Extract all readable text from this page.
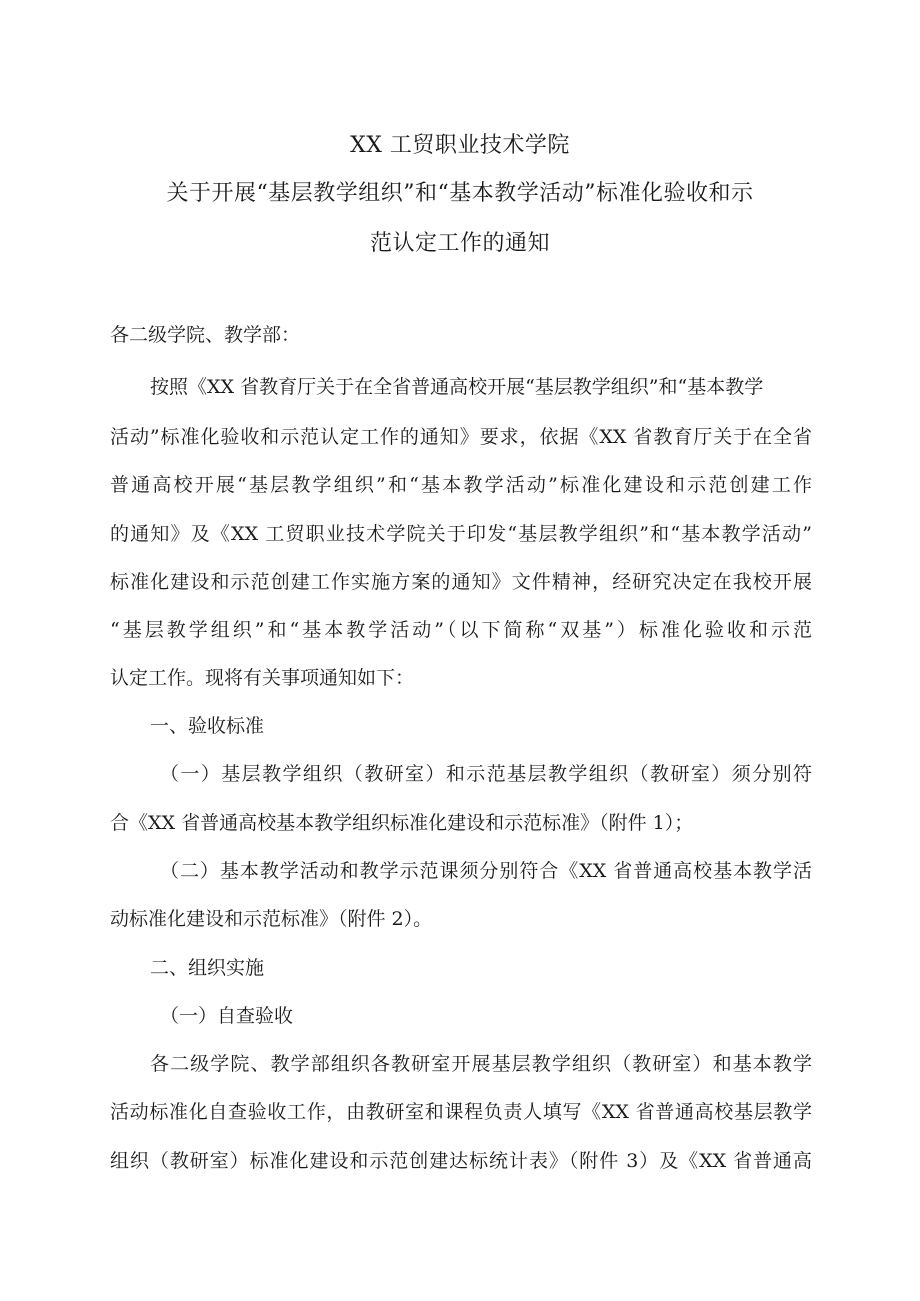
XX 工贸职业技术学院
关于开展“基层教学组织”和“基本教学活动”标准化验收和示
范认定工作的通知
各二级学院、教学部：
按照《XX 省教育厅关于在全省普通高校开展“基层教学组织”和“基本教学
活动”标准化验收和示范认定工作的通知》要求，依据《XX 省教育厅关于在全省
普通高校开展“基层教学组织”和“基本教学活动”标准化建设和示范创建工作
的通知》及《XX 工贸职业技术学院关于印发“基层教学组织”和“基本教学活动”
标准化建设和示范创建工作实施方案的通知》文件精神，经研究决定在我校开展
“基层教学组织”和“基本教学活动”（以下简称“双基”）标准化验收和示范
认定工作。现将有关事项通知如下：
一、验收标准
（一）基层教学组织（教研室）和示范基层教学组织（教研室）须分别符
合《XX 省普通高校基本教学组织标准化建设和示范标准》（附件 1）；
（二）基本教学活动和教学示范课须分别符合《XX 省普通高校基本教学活
动标准化建设和示范标准》（附件 2）。
二、组织实施
（一）自查验收
各二级学院、教学部组织各教研室开展基层教学组织（教研室）和基本教学
活动标准化自查验收工作，由教研室和课程负责人填写《XX 省普通高校基层教学
组织（教研室）标准化建设和示范创建达标统计表》（附件 3）及《XX 省普通高
